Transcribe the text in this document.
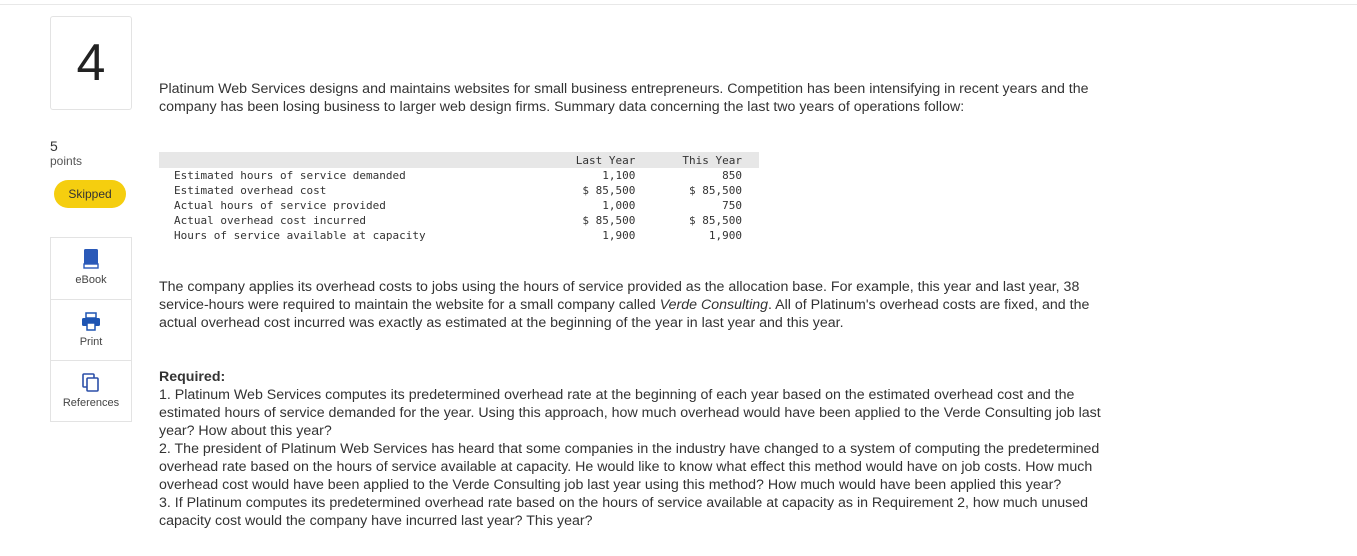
4
5
points
Skipped
eBook
Print
References
Platinum Web Services designs and maintains websites for small business entrepreneurs. Competition has been intensifying in recent years and the company has been losing business to larger web design firms. Summary data concerning the last two years of operations follow:
	Last Year	This Year
Estimated hours of service demanded	1,100	850
Estimated overhead cost	$ 85,500	$ 85,500
Actual hours of service provided	1,000	750
Actual overhead cost incurred	$ 85,500	$ 85,500
Hours of service available at capacity	1,900	1,900
The company applies its overhead costs to jobs using the hours of service provided as the allocation base. For example, this year and last year, 38 service-hours were required to maintain the website for a small company called Verde Consulting. All of Platinum's overhead costs are fixed, and the actual overhead cost incurred was exactly as estimated at the beginning of the year in last year and this year.
Required:
1. Platinum Web Services computes its predetermined overhead rate at the beginning of each year based on the estimated overhead cost and the estimated hours of service demanded for the year. Using this approach, how much overhead would have been applied to the Verde Consulting job last year? How about this year?
2. The president of Platinum Web Services has heard that some companies in the industry have changed to a system of computing the predetermined overhead rate based on the hours of service available at capacity. He would like to know what effect this method would have on job costs. How much overhead cost would have been applied to the Verde Consulting job last year using this method? How much would have been applied this year?
3. If Platinum computes its predetermined overhead rate based on the hours of service available at capacity as in Requirement 2, how much unused capacity cost would the company have incurred last year? This year?
